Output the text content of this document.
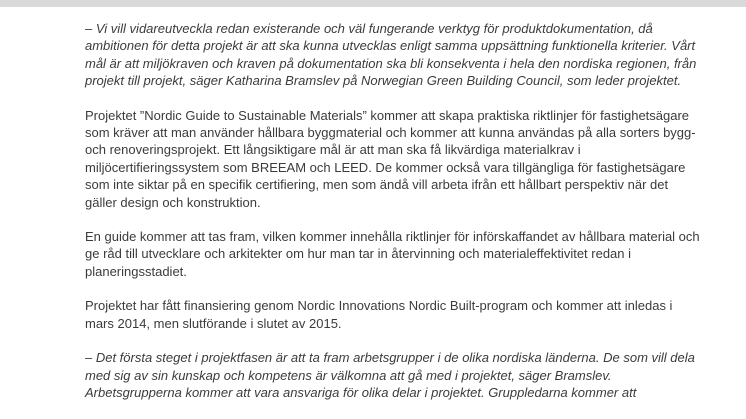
– Vi vill vidareutveckla redan existerande och väl fungerande verktyg för produktdokumentation, då ambitionen för detta projekt är att ska kunna utvecklas enligt samma uppsättning funktionella kriterier. Vårt mål är att miljökraven och kraven på dokumentation ska bli konsekventa i hela den nordiska regionen, från projekt till projekt, säger Katharina Bramslev på Norwegian Green Building Council, som leder projektet.

Projektet ”Nordic Guide to Sustainable Materials” kommer att skapa praktiska riktlinjer för fastighetsägare som kräver att man använder hållbara byggmaterial och kommer att kunna användas på alla sorters bygg- och renoveringsprojekt. Ett långsiktigare mål är att man ska få likvärdiga materialkrav i miljöcertifieringssystem som BREEAM och LEED. De kommer också vara tillgängliga för fastighetsägare som inte siktar på en specifik certifiering, men som ändå vill arbeta ifrån ett hållbart perspektiv när det gäller design och konstruktion.

En guide kommer att tas fram, vilken kommer innehålla riktlinjer för införskaffandet av hållbara material och ge råd till utvecklare och arkitekter om hur man tar in återvinning och materialeffektivitet redan i planeringsstadiet.

Projektet har fått finansiering genom Nordic Innovations Nordic Built-program och kommer att inledas i mars 2014, men slutförande i slutet av 2015.

– Det första steget i projektfasen är att ta fram arbetsgrupper i de olika nordiska länderna. De som vill dela med sig av sin kunskap och kompetens är välkomna att gå med i projektet, säger Bramslev. Arbetsgrupperna kommer att vara ansvariga för olika delar i projektet. Gruppledarna kommer att
